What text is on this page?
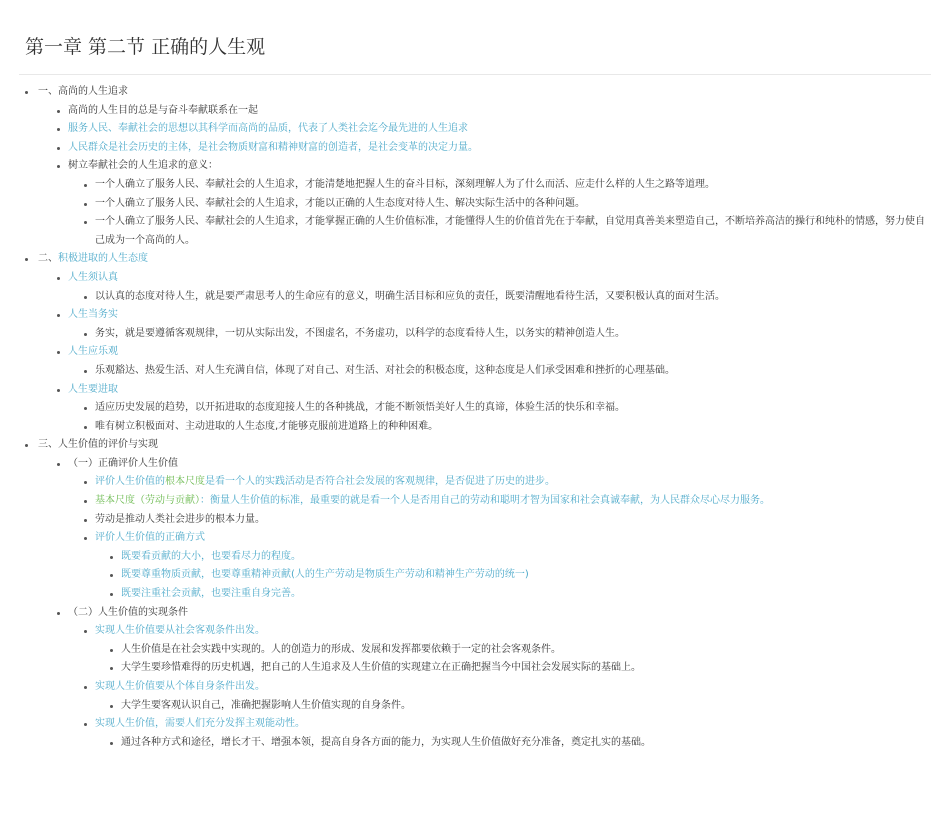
第一章 第二节 正确的人生观
一、高尚的人生追求
高尚的人生目的总是与奋斗奉献联系在一起
服务人民、奉献社会的思想以其科学而高尚的品质，代表了人类社会迄今最先进的人生追求
人民群众是社会历史的主体，是社会物质财富和精神财富的创造者，是社会变革的决定力量。
树立奉献社会的人生追求的意义：
一个人确立了服务人民、奉献社会的人生追求，才能清楚地把握人生的奋斗目标，深刻理解人为了什么而活、应走什么样的人生之路等道理。
一个人确立了服务人民、奉献社会的人生追求，才能以正确的人生态度对待人生、解决实际生活中的各种问题。
一个人确立了服务人民、奉献社会的人生追求，才能掌握正确的人生价值标准，才能懂得人生的价值首先在于奉献，自觉用真善美来塑造自己，不断培养高洁的操行和纯朴的情感，努力使自己成为一个高尚的人。
二、积极进取的人生态度
人生须认真
以认真的态度对待人生，就是要严肃思考人的生命应有的意义，明确生活目标和应负的责任，既要清醒地看待生活，又要积极认真的面对生活。
人生当务实
务实，就是要遵循客观规律，一切从实际出发，不图虚名，不务虚功，以科学的态度看待人生，以务实的精神创造人生。
人生应乐观
乐观豁达、热爱生活、对人生充满自信，体现了对自己、对生活、对社会的积极态度，这种态度是人们承受困难和挫折的心理基础。
人生要进取
适应历史发展的趋势，以开拓进取的态度迎接人生的各种挑战，才能不断领悟美好人生的真谛，体验生活的快乐和幸福。
唯有树立积极面对、主动进取的人生态度,才能够克服前进道路上的种种困难。
三、人生价值的评价与实现
（一）正确评价人生价值
评价人生价值的根本尺度是看一个人的实践活动是否符合社会发展的客观规律，是否促进了历史的进步。
基本尺度（劳动与贡献）：衡量人生价值的标准，最重要的就是看一个人是否用自己的劳动和聪明才智为国家和社会真诚奉献，为人民群众尽心尽力服务。
劳动是推动人类社会进步的根本力量。
评价人生价值的正确方式
既要看贡献的大小，也要看尽力的程度。
既要尊重物质贡献，也要尊重精神贡献(人的生产劳动是物质生产劳动和精神生产劳动的统一)
既要注重社会贡献，也要注重自身完善。
（二）人生价值的实现条件
实现人生价值要从社会客观条件出发。
人生价值是在社会实践中实现的。人的创造力的形成、发展和发挥都要依赖于一定的社会客观条件。
大学生要珍惜难得的历史机遇，把自己的人生追求及人生价值的实现建立在正确把握当今中国社会发展实际的基础上。
实现人生价值要从个体自身条件出发。
大学生要客观认识自己，准确把握影响人生价值实现的自身条件。
实现人生价值，需要人们充分发挥主观能动性。
通过各种方式和途径，增长才干、增强本领，提高自身各方面的能力，为实现人生价值做好充分准备，奠定扎实的基础。
